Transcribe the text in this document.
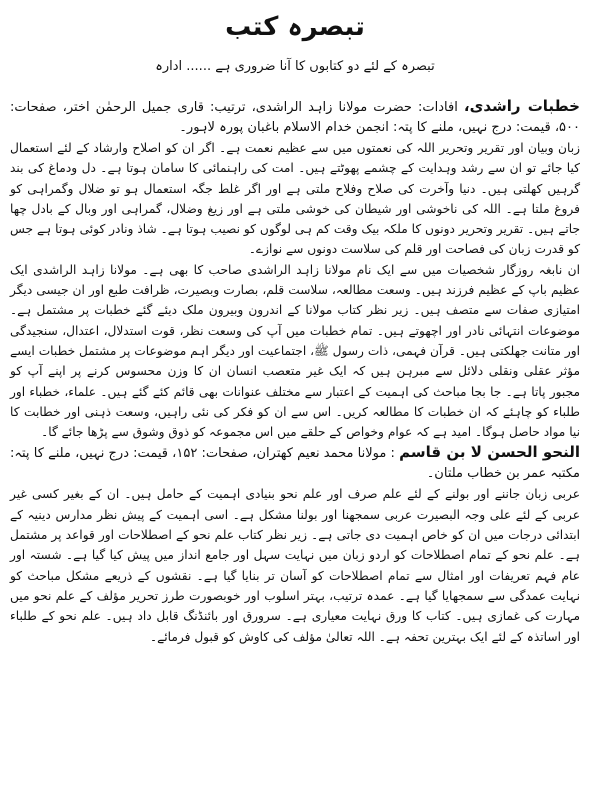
تبصرہ کتب
تبصرہ کے لئے دو کتابوں کا آنا ضروری ہے ...... ادارہ
خطبات راشدی، افادات: حضرت مولانا زاہد الراشدی، ترتیب: قاری جمیل الرحمٰن اختر، صفحات: ۵۰۰، قیمت: درج نہیں، ملنے کا پتہ: انجمن خدام الاسلام باغبان پورہ لاہور۔

زبان وبیان اور تقریر وتحریر اللہ کی نعمتوں میں سے عظیم نعمت ہے۔ اگر ان کو اصلاح وارشاد کے لئے استعمال کیا جائے تو ان سے رشد وہدایت کے چشمے پھوٹتے ہیں۔ امت کی راہنمائی کا سامان ہوتا ہے۔ دل ودماغ کی بند گرہیں کھلتی ہیں۔ دنیا وآخرت کی صلاح وفلاح ملتی ہے اور اگر غلط جگہ استعمال ہو تو ضلال وگمراہی کو فروغ ملتا ہے۔ اللہ کی ناخوشی اور شیطان کی خوشی ملتی ہے اور زیغ وضلال، گمراہی اور وبال کے بادل چھا جاتے ہیں۔ تقریر وتحریر دونوں کا ملکہ بیک وقت کم ہی لوگوں کو نصیب ہوتا ہے۔ شاذ ونادر کوئی ہوتا ہے جس کو قدرت زبان کی فصاحت اور قلم کی سلاست دونوں سے نوازے۔

ان نابغہ روزگار شخصیات میں سے ایک نام مولانا زاہد الراشدی صاحب کا بھی ہے۔ مولانا زاہد الراشدی ایک عظیم باپ کے عظیم فرزند ہیں۔ وسعت مطالعہ، سلاست قلم، بصارت وبصیرت، ظرافت طبع اور ان جیسی دیگر امتیازی صفات سے متصف ہیں۔ زیر نظر کتاب مولانا کے اندرون وبیرون ملک دیئے گئے خطبات پر مشتمل ہے۔ موضوعات انتہائی نادر اور اچھوتے ہیں۔ تمام خطبات میں آپ کی وسعت نظر، قوت استدلال، اعتدال، سنجیدگی اور متانت جھلکتی ہیں۔ قرآن فہمی، ذات رسول ﷺ، اجتماعیت اور دیگر اہم موضوعات پر مشتمل خطبات ایسے مؤثر عقلی ونقلی دلائل سے مبرہن ہیں کہ ایک غیر متعصب انسان ان کا وزن محسوس کرنے پر اپنے آپ کو مجبور پاتا ہے۔ جا بجا مباحث کی اہمیت کے اعتبار سے مختلف عنوانات بھی قائم کئے گئے ہیں۔ علماء، خطباء اور طلباء کو چاہئے کہ ان خطبات کا مطالعہ کریں۔ اس سے ان کو فکر کی نئی راہیں، وسعت ذہنی اور خطابت کا نیا مواد حاصل ہوگا۔ امید ہے کہ عوام وخواص کے حلقے میں اس مجموعہ کو ذوق وشوق سے پڑھا جائے گا۔

النحو الحسن لا بن قاسم : مولانا محمد نعیم کھتران، صفحات: ۱۵۲، قیمت: درج نہیں، ملنے کا پتہ: مکتبہ عمر بن خطاب ملتان۔

عربی زبان جاننے اور بولنے کے لئے علم صرف اور علم نحو بنیادی اہمیت کے حامل ہیں۔ ان کے بغیر کسی غیر عربی کے لئے علی وجہ البصیرت عربی سمجھنا اور بولنا مشکل ہے۔ اسی اہمیت کے پیش نظر مدارس دینیہ کے ابتدائی درجات میں ان کو خاص اہمیت دی جاتی ہے۔ زیر نظر کتاب علم نحو کے اصطلاحات اور قواعد پر مشتمل ہے۔ علم نحو کے تمام اصطلاحات کو اردو زبان میں نہایت سہل اور جامع انداز میں پیش کیا گیا ہے۔ شستہ اور عام فہم تعریفات اور امثال سے تمام اصطلاحات کو آسان تر بنایا گیا ہے۔ نقشوں کے ذریعے مشکل مباحث کو نہایت عمدگی سے سمجھایا گیا ہے۔ عمدہ ترتیب، بہتر اسلوب اور خوبصورت طرز تحریر مؤلف کے علم نحو میں مہارت کی غمازی ہیں۔ کتاب کا ورق نہایت معیاری ہے۔ سرورق اور بائنڈنگ قابل داد ہیں۔ علم نحو کے طلباء اور اساتذہ کے لئے ایک بہترین تحفہ ہے۔ اللہ تعالیٰ مؤلف کی کاوش کو قبول فرمائے۔
